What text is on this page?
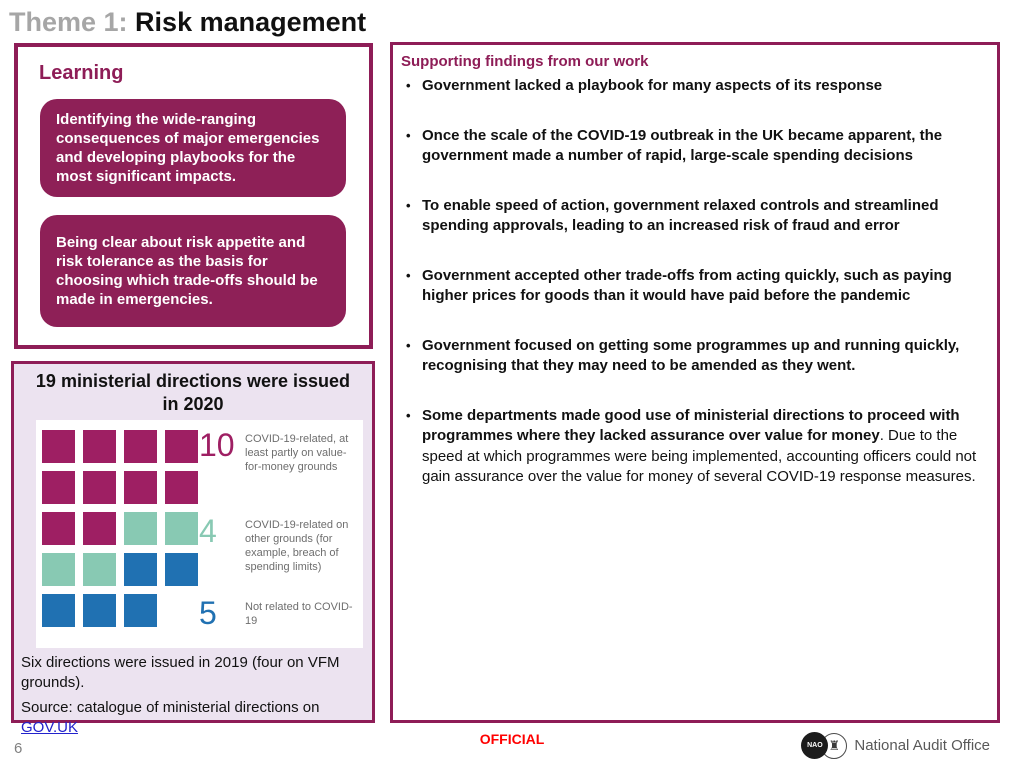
Theme 1: Risk management
Learning
Identifying the wide-ranging consequences of major emergencies and developing playbooks for the most significant impacts.
Being clear about risk appetite and risk tolerance as the basis for choosing which trade-offs should be made in emergencies.
19 ministerial directions were issued in 2020
10 COVID-19-related, at least partly on value-for-money grounds
4	COVID-19-related on other grounds (for example, breach of spending limits)
5	Not related to COVID-19

Six directions were issued in 2019 (four on VFM grounds).

Source: catalogue of ministerial directions on
GOV.UK

Supporting findings from our work
• Government lacked a playbook for many aspects of its response
• Once the scale of the COVID-19 outbreak in the UK became apparent, the government made a number of rapid, large-scale spending decisions
• To enable speed of action, government relaxed controls and streamlined spending approvals, leading to an increased risk of fraud and error
• Government accepted other trade-offs from acting quickly, such as paying higher prices for goods than it would have paid before the pandemic
• Government focused on getting some programmes up and running quickly, recognising that they may need to be amended as they went.
• Some departments made good use of ministerial directions to proceed with programmes where they lacked assurance over value for money. Due to the speed at which programmes were being implemented, accounting officers could not gain assurance over the value for money of several COVID-19 response measures.
6
OFFICIAL	NAO ♜ National Audit Office
